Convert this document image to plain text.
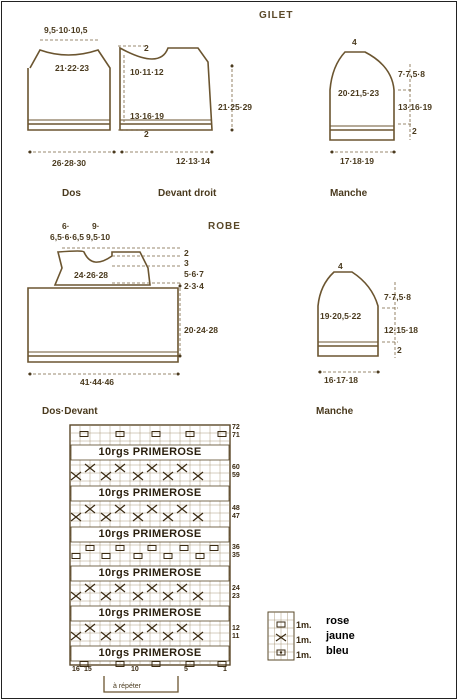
GILET
9,5·10·10,5
2
21·22·23	10·11·12
13·16·19
2
21·25·29
26·28·30	12·13·14
4
7·7,5·8
20·21,5·23
13·16·19
2
17·18·19
Dos	Devant droit	Manche
ROBE
6·
6,5·6·6,5
9·
9,5·10
2
3
24·26·28	5·6·7
2·3·4
20·24·28
41·44·46
Dos·Devant
4
7·7,5·8
19·20,5·22
12·15·18
2
16·17·18
Manche
10rgs PRIMEROSE
10rgs PRIMEROSE
10rgs PRIMEROSE
10rgs PRIMEROSE
10rgs PRIMEROSE
10rgs PRIMEROSE
72
71
60
59
48
47
36
35
24
23
12
11
16 15	10	5	1
à répéter
1m. rose
1m. jaune
1m. bleu
